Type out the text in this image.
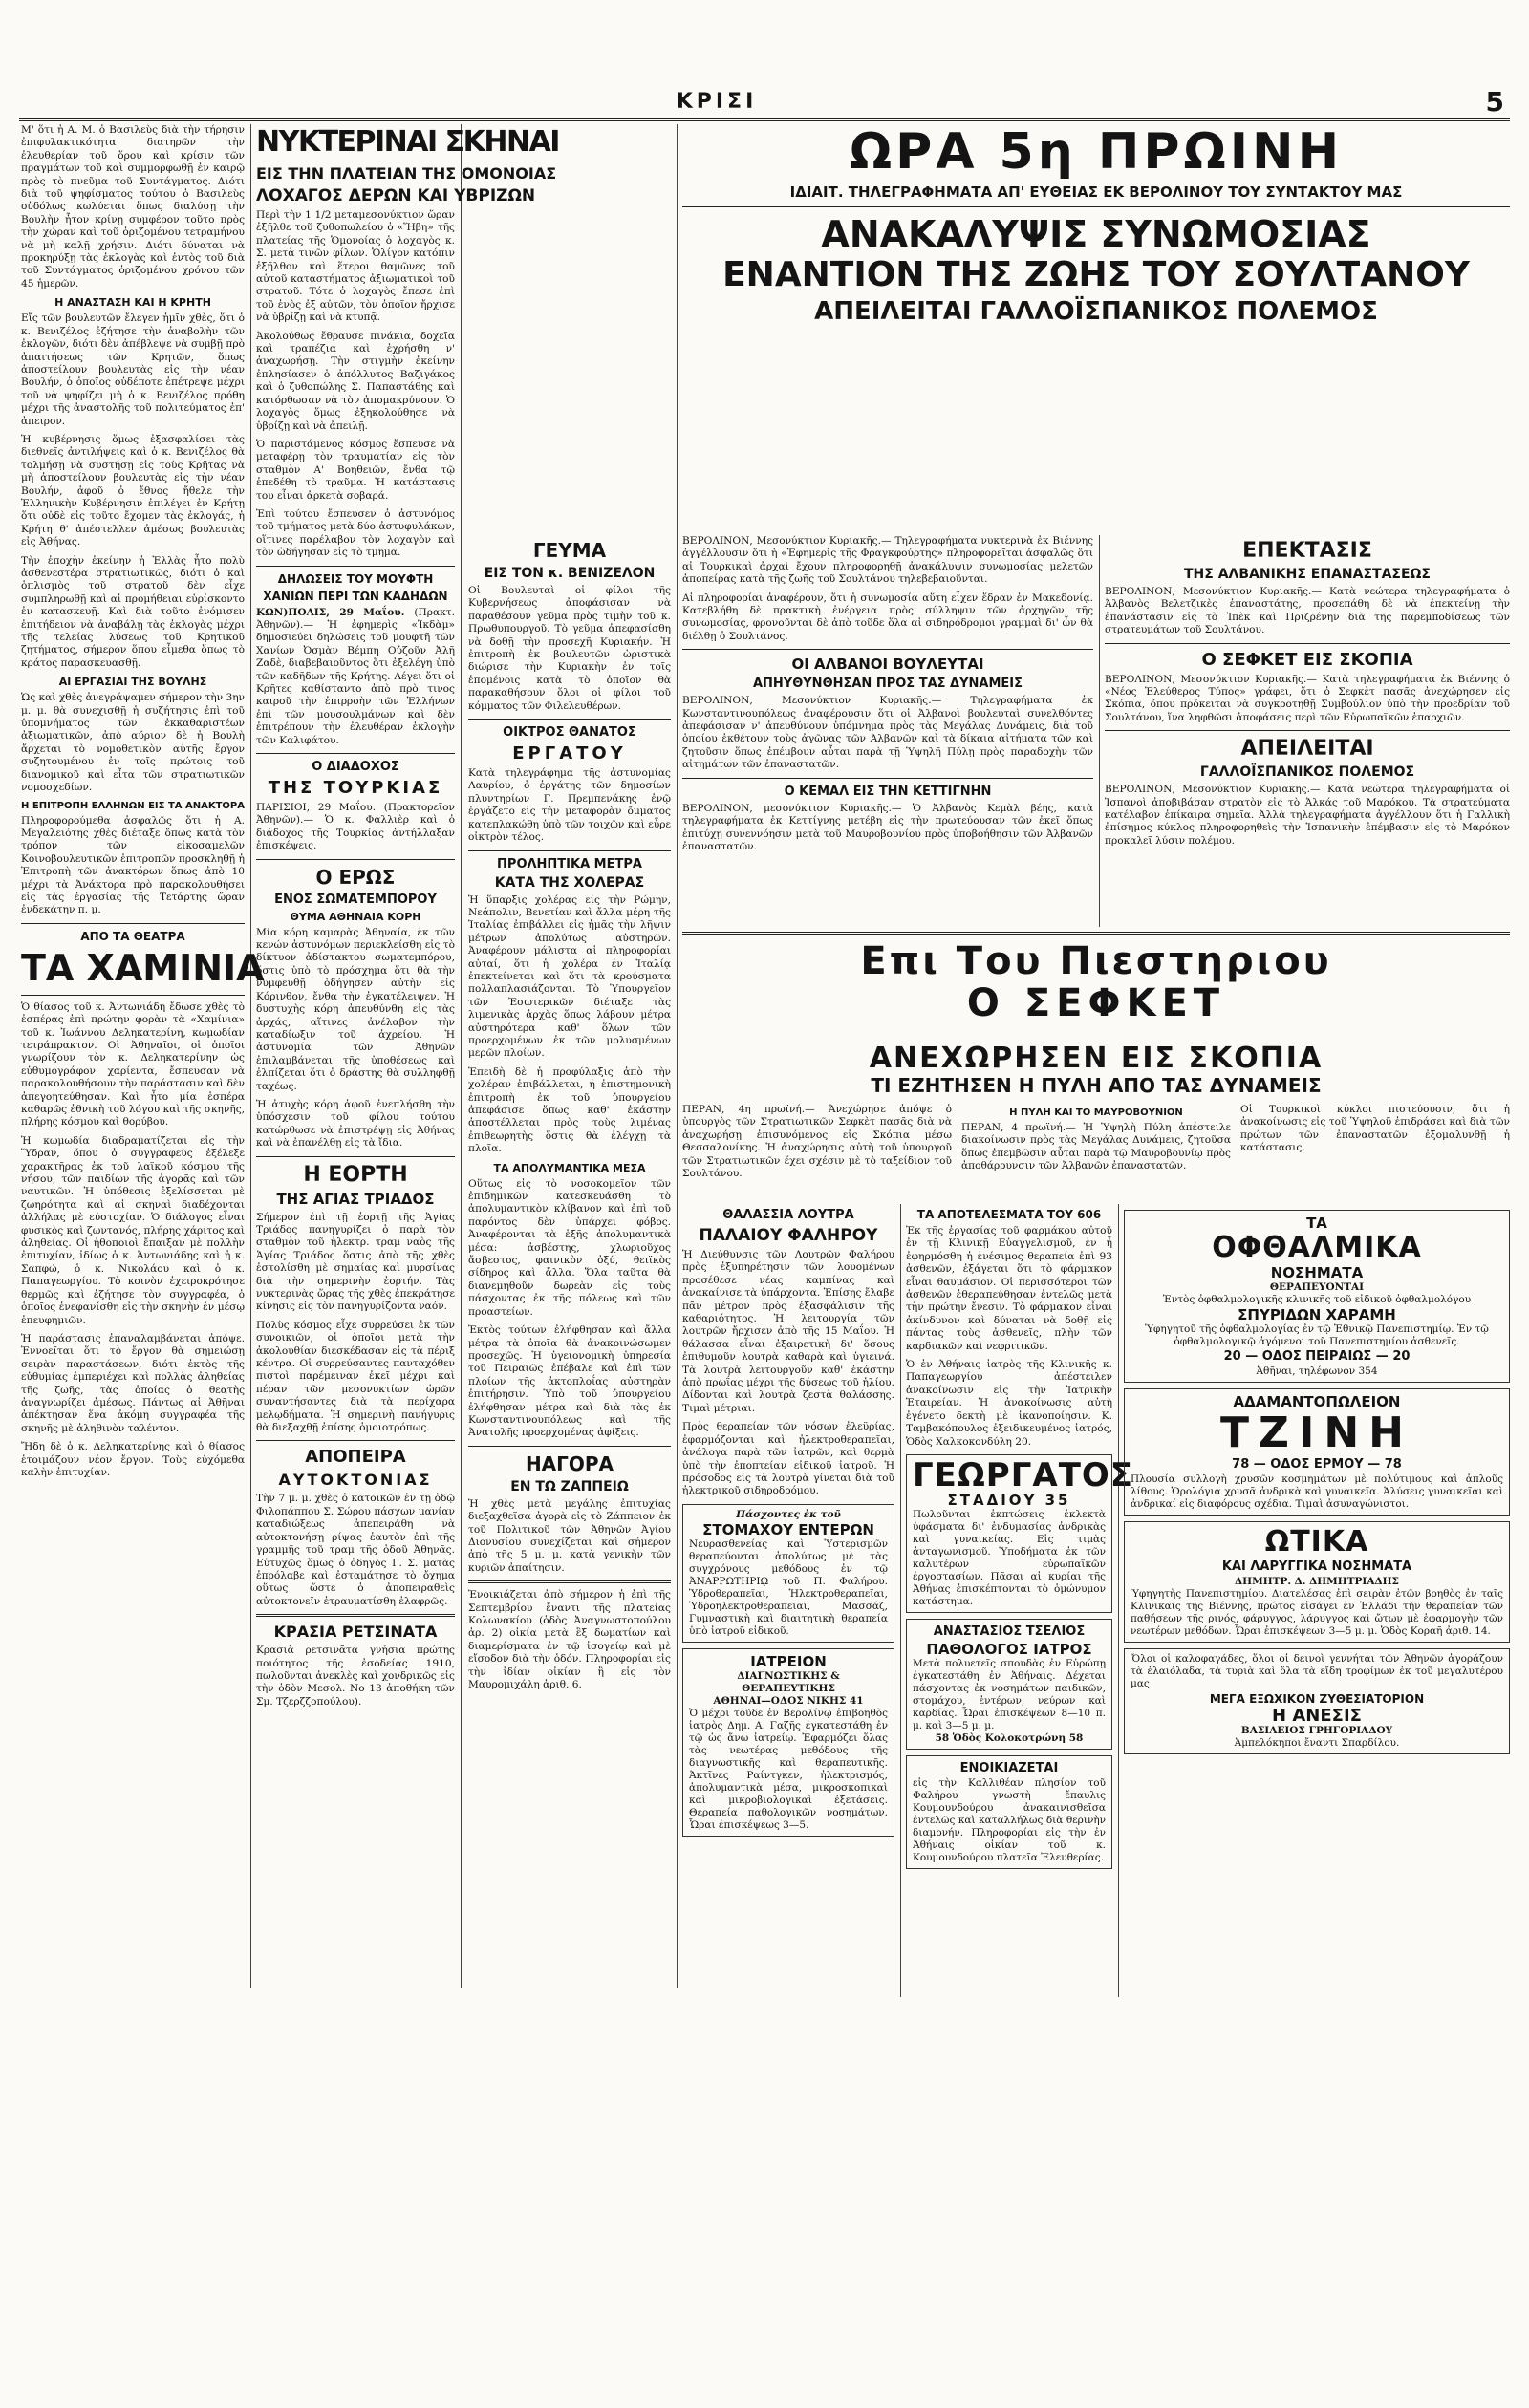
ΚΡΙΣΙ	5

Μ' ὅτι ἡ Α. Μ. ὁ Βασιλεὺς διὰ τὴν τήρησιν ἐπιφυλακτικότητα διατηρῶν τὴν ἐλευθερίαν τοῦ ὅρου καὶ κρίσιν τῶν πραγμάτων τοῦ καὶ συμμορφωθῇ ἐν καιρῷ πρὸς τὸ πνεῦμα τοῦ Συντάγματος. Διότι διὰ τοῦ ψηφίσματος τούτου ὁ Βασιλεὺς οὐδόλως κωλύεται ὅπως διαλύσῃ τὴν Βουλὴν ἦτον κρίνῃ συμφέρον τοῦτο πρὸς τὴν χώραν καὶ τοῦ ὁριζομένου τετραμήνου νὰ μὴ καλῇ χρήσιν. Διότι δύναται νὰ προκηρύξῃ τὰς ἐκλογὰς καὶ ἐντὸς τοῦ διὰ τοῦ Συντάγματος ὁριζομένου χρόνου τῶν 45 ἡμερῶν.

Η ΑΝΑΣΤΑΣΗ ΚΑΙ Η ΚΡΗΤΗ

Εἴς τῶν βουλευτῶν ἔλεγεν ἡμῖν χθὲς, ὅτι ὁ κ. Βενιζέλος ἐζήτησε τὴν ἀναβολὴν τῶν ἐκλογῶν, διότι δὲν ἀπέβλεψε νὰ συμβῇ πρὸ ἀπαιτήσεως τῶν Κρητῶν, ὅπως ἀποστείλουν βουλευτὰς εἰς τὴν νέαν Βουλήν, ὁ ὁποῖος οὐδέποτε ἐπέτρεψε μέχρι τοῦ νὰ ψηφίζει μὴ ὁ κ. Βενιζέλος πρόθη μέχρι τῆς ἀναστολῆς τοῦ πολιτεύματος ἐπ' ἀπειρον.

Ἡ κυβέρνησις ὅμως ἐξασφαλίσει τὰς διεθνεῖς ἀντιλήψεις καὶ ὁ κ. Βενιζέλος θὰ τολμήσῃ νὰ συστήσῃ εἰς τοὺς Κρῆτας νὰ μὴ ἀποστείλουν βουλευτὰς εἰς τὴν νέαν Βουλήν, ἀφοῦ ὁ ἔθνος ἤθελε τὴν Ἑλληνικὴν Κυβέρνησιν ἐπιλέγει ἐν Κρήτῃ ὅτι οὐδὲ εἰς τοῦτο ἔχομεν τὰς ἐκλογάς, ἡ Κρήτη θ' ἀπέστελλεν ἀμέσως βουλευτὰς εἰς Ἀθήνας.

Τὴν ἐποχὴν ἐκείνην ἡ Ἑλλὰς ἦτο πολὺ ἀσθενεστέρα στρατιωτικῶς, διότι ὁ καὶ ὁπλισμὸς τοῦ στρατοῦ δὲν εἶχε συμπληρωθῇ καὶ αἱ προμήθειαι εὑρίσκοντο ἐν κατασκευῇ. Καὶ διὰ τοῦτο ἐνόμισεν ἐπιτήδειον νὰ ἀναβάλῃ τὰς ἐκλογὰς μέχρι τῆς τελείας λύσεως τοῦ Κρητικοῦ ζητήματος, σήμερον ὅπου εἶμεθα ὅπως τὸ κράτος παρασκευασθῇ.

ΑΙ ΕΡΓΑΣΙΑΙ ΤΗΣ ΒΟΥΛΗΣ

Ὡς καὶ χθὲς ἀνεγράψαμεν σήμερον τὴν 3ην μ. μ. θὰ συνεχισθῇ ἡ συζήτησις ἐπὶ τοῦ ὑπομνήματος τῶν ἐκκαθαριστέων ἀξιωματικῶν, ἀπὸ αὔριον δὲ ἡ Βουλὴ ἄρχεται τὸ νομοθετικὸν αὐτῆς ἔργον συζητουμένου ἐν τοῖς πρώτοις τοῦ διανομικοῦ καὶ εἶτα τῶν στρατιωτικῶν νομοσχεδίων.

Η ΕΠΙΤΡΟΠΗ ΕΛΛΗΝΩΝ ΕΙΣ ΤΑ ΑΝΑΚΤΟΡΑ

Πληροφορούμεθα ἀσφαλῶς ὅτι ἡ Α. Μεγαλειότης χθὲς διέταξε ὅπως κατὰ τὸν τρόπον τῶν εἰκοσαμελῶν Κοινοβουλευτικῶν ἐπιτροπῶν προσκληθῇ ἡ Ἐπιτροπὴ τῶν ἀνακτόρων ὅπως ἀπὸ 10 μέχρι τὰ Ἀνάκτορα πρὸ παρακολουθήσει εἰς τὰς ἐργασίας τῆς Τετάρτης ὥραν ἐνδεκάτην π. μ.

ΑΠΟ ΤΑ ΘΕΑΤΡΑ
ΤΑ ΧΑΜΙΝΙΑ

Ὁ θίασος τοῦ κ. Ἀντωνιάδη ἔδωσε χθὲς τὸ ἐσπέρας ἐπὶ πρώτην φορὰν τὰ «Χαμίνια» τοῦ κ. Ἰωάννου Δεληκατερίνη, κωμωδίαν τετράπρακτον. Οἱ Ἀθηναῖοι, οἱ ὁποῖοι γνωρίζουν τὸν κ. Δεληκατερίνην ὡς εὐθυμογράφον χαρίεντα, ἔσπευσαν νὰ παρακολουθήσουν τὴν παράστασιν καὶ δὲν ἀπεγοητεύθησαν. Καὶ ἦτο μία ἑσπέρα καθαρῶς ἐθνικὴ τοῦ λόγου καὶ τῆς σκηνῆς, πλήρης κόσμου καὶ θορύβου.

Ἡ κωμωδία διαδραματίζεται εἰς τὴν Ὕδραν, ὅπου ὁ συγγραφεὺς ἐξέλεξε χαρακτῆρας ἐκ τοῦ λαϊκοῦ κόσμου τῆς νήσου, τῶν παιδίων τῆς ἀγορᾶς καὶ τῶν ναυτικῶν. Ἡ ὑπόθεσις ἐξελίσσεται μὲ ζωηρότητα καὶ αἱ σκηναὶ διαδέχονται ἀλλήλας μὲ εὐστοχίαν. Ὁ διάλογος εἶναι φυσικὸς καὶ ζωντανός, πλήρης χάριτος καὶ ἀληθείας. Οἱ ἠθοποιοὶ ἔπαιξαν μὲ πολλὴν ἐπιτυχίαν, ἰδίως ὁ κ. Ἀντωνιάδης καὶ ἡ κ. Σαπφώ, ὁ κ. Νικολάου καὶ ὁ κ. Παπαγεωργίου. Τὸ κοινὸν ἐχειροκρότησε θερμῶς καὶ ἐζήτησε τὸν συγγραφέα, ὁ ὁποῖος ἐνεφανίσθη εἰς τὴν σκηνὴν ἐν μέσῳ ἐπευφημιῶν.

Ἡ παράστασις ἐπαναλαμβάνεται ἀπόψε. Ἐννοεῖται ὅτι τὸ ἔργον θὰ σημειώσῃ σειρὰν παραστάσεων, διότι ἐκτὸς τῆς εὐθυμίας ἐμπεριέχει καὶ πολλὰς ἀληθείας τῆς ζωῆς, τὰς ὁποίας ὁ θεατὴς ἀναγνωρίζει ἀμέσως. Πάντως αἱ Ἀθῆναι ἀπέκτησαν ἕνα ἀκόμη συγγραφέα τῆς σκηνῆς μὲ ἀληθινὸν ταλέντον.

Ἤδη δὲ ὁ κ. Δεληκατερίνης καὶ ὁ θίασος ἑτοιμάζουν νέον ἔργον. Τοὺς εὐχόμεθα καλὴν ἐπιτυχίαν.

ΝΥΚΤΕΡΙΝΑΙ ΣΚΗΝΑΙ
ΕΙΣ ΤΗΝ ΠΛΑΤΕΙΑΝ ΤΗΣ ΟΜΟΝΟΙΑΣ
ΛΟΧΑΓΟΣ ΔΕΡΩΝ ΚΑΙ ΥΒΡΙΖΩΝ

Περὶ τὴν 1 1/2 μεταμεσονύκτιον ὥραν ἐξῆλθε τοῦ ζυθοπωλείου ὁ «Ἥβη» τῆς πλατείας τῆς Ὁμονοίας ὁ λοχαγὸς κ. Σ. μετὰ τινῶν φίλων. Ὁλίγον κατόπιν ἐξῆλθον καὶ ἕτεροι θαμῶνες τοῦ αὐτοῦ καταστήματος ἀξιωματικοὶ τοῦ στρατοῦ. Τότε ὁ λοχαγὸς ἔπεσε ἐπὶ τοῦ ἑνὸς ἐξ αὐτῶν, τὸν ὁποῖον ἤρχισε νὰ ὑβρίζῃ καὶ νὰ κτυπᾷ.

Ἀκολούθως ἔθραυσε πινάκια, δοχεῖα καὶ τραπέζια καὶ ἐχρήσθη ν' ἀναχωρήσῃ. Τὴν στιγμὴν ἐκείνην ἐπλησίασεν ὁ ἀπόλλυτος Βαζιγάκος καὶ ὁ ζυθοπώλης Σ. Παπαστάθης καὶ κατόρθωσαν νὰ τὸν ἀπομακρύνουν. Ὁ λοχαγὸς ὅμως ἐξηκολούθησε νὰ ὑβρίζῃ καὶ νὰ ἀπειλῇ.

Ὁ παριστάμενος κόσμος ἔσπευσε νὰ μεταφέρῃ τὸν τραυματίαν εἰς τὸν σταθμὸν Α' Βοηθειῶν, ἔνθα τῷ ἐπεδέθη τὸ τραῦμα. Ἡ κατάστασις του εἶναι ἀρκετὰ σοβαρά.

Ἐπὶ τούτου ἔσπευσεν ὁ ἀστυνόμος τοῦ τμήματος μετὰ δύο ἀστυφυλάκων, οἵτινες παρέλαβον τὸν λοχαγὸν καὶ τὸν ὡδήγησαν εἰς τὸ τμῆμα.

ΔΗΛΩΣΕΙΣ ΤΟΥ ΜΟΥΦΤΗ
ΧΑΝΙΩΝ ΠΕΡΙ ΤΩΝ ΚΑΔΗΔΩΝ

ΚΩΝ)ΠΟΛΙΣ, 29 Μαΐου. (Πρακτ. Ἀθηνῶν).— Ἡ ἐφημερὶς «Ἰκδὰμ» δημοσιεύει δηλώσεις τοῦ μουφτῆ τῶν Χανίων Ὀσμὰν Βέμπη Οὐζοῦν Ἀλῆ Ζαδὲ, διαβεβαιοῦντος ὅτι ἐξελέγη ὑπὸ τῶν καδῆδων τῆς Κρήτης. Λέγει ὅτι οἱ Κρῆτες καθίσταντο ἀπὸ πρὸ τινος καιροῦ τὴν ἐπιρροὴν τῶν Ἑλλήνων ἐπὶ τῶν μουσουλμάνων καὶ δὲν ἐπιτρέπουν τὴν ἐλευθέραν ἐκλογὴν τῶν Καλιφάτου.

Ο ΔΙΑΔΟΧΟΣ
ΤΗΣ ΤΟΥΡΚΙΑΣ

ΠΑΡΙΣΙΟΙ, 29 Μαΐου. (Πρακτορεῖον Ἀθηνῶν).— Ὁ κ. Φαλλιὲρ καὶ ὁ διάδοχος τῆς Τουρκίας ἀντήλλαξαν ἐπισκέψεις.

Ο ΕΡΩΣ
ΕΝΟΣ ΣΩΜΑΤΕΜΠΟΡΟΥ
ΘΥΜΑ ΑΘΗΝΑΙΑ ΚΟΡΗ

Μία κόρη καμαρὰς Ἀθηναία, ἐκ τῶν κενών ἀστυνόμων περιεκλείσθη εἰς τὸ δίκτυον ἀδίστακτου σωματεμπόρου, ὅστις ὑπὸ τὸ πρόσχημα ὅτι θὰ τὴν νυμφευθῇ ὁδήγησεν αὐτὴν εἰς Κόρινθον, ἔνθα τὴν ἐγκατέλειψεν. Ἡ δυστυχὴς κόρη ἀπευθύνθη εἰς τὰς ἀρχάς, αἵτινες ἀνέλαβον τὴν καταδίωξιν τοῦ ἀχρείου. Ἡ ἀστυνομία τῶν Ἀθηνῶν ἐπιλαμβάνεται τῆς ὑποθέσεως καὶ ἐλπίζεται ὅτι ὁ δράστης θὰ συλληφθῇ ταχέως.

Ἡ ἀτυχὴς κόρη ἀφοῦ ἐνεπλήσθη τὴν ὑπόσχεσιν τοῦ φίλου τούτου κατώρθωσε νὰ ἐπιστρέψῃ εἰς Ἀθήνας καὶ νὰ ἐπανέλθῃ εἰς τὰ ἴδια.

Η ΕΟΡΤΗ
ΤΗΣ ΑΓΙΑΣ ΤΡΙΑΔΟΣ

Σήμερον ἐπὶ τῇ ἑορτῇ τῆς Ἁγίας Τριάδος πανηγυρίζει ὁ παρὰ τὸν σταθμὸν τοῦ ἠλεκτρ. τραμ ναὸς τῆς Ἁγίας Τριάδος ὅστις ἀπὸ τῆς χθὲς ἐστολίσθη μὲ σημαίας καὶ μυρσίνας διὰ τὴν σημερινὴν ἑορτήν. Τὰς νυκτερινὰς ὥρας τῆς χθὲς ἐπεκράτησε κίνησις εἰς τὸν πανηγυρίζοντα ναόν.

Πολὺς κόσμος εἶχε συρρεύσει ἐκ τῶν συνοικιῶν, οἱ ὁποῖοι μετὰ τὴν ἀκολουθίαν διεσκέδασαν εἰς τὰ πέριξ κέντρα. Οἱ συρρεύσαντες πανταχόθεν πιστοὶ παρέμειναν ἐκεῖ μέχρι καὶ πέραν τῶν μεσονυκτίων ὡρῶν συναντήσαντες διὰ τὰ περίχαρα μελῳδήματα. Ἡ σημερινὴ πανήγυρις θὰ διεξαχθῇ ἐπίσης ὁμοιοτρόπως.

ΑΠΟΠΕΙΡΑ
ΑΥΤΟΚΤΟΝΙΑΣ

Τὴν 7 μ. μ. χθὲς ὁ κατοικῶν ἐν τῇ ὁδῷ Φιλοπάππου Σ. Σώρου πάσχων μανίαν καταδιώξεως ἀπεπειράθη νὰ αὐτοκτονήσῃ ρίψας ἑαυτὸν ἐπὶ τῆς γραμμῆς τοῦ τραμ τῆς ὁδοῦ Ἀθηνᾶς. Εὐτυχῶς ὅμως ὁ ὁδηγὸς Γ. Σ. ματὰς ἐπρόλαβε καὶ ἐσταμάτησε τὸ ὄχημα οὕτως ὥστε ὁ ἀποπειραθεὶς αὐτοκτονεῖν ἐτραυματίσθη ἐλαφρῶς.

ΚΡΑΣΙΑ ΡΕΤΣΙΝΑΤΑ

Κρασιὰ ρετσινᾶτα γνήσια πρώτης ποιότητος τῆς ἐσοδείας 1910, πωλοῦνται ἀνεκλὲς καὶ χονδρικῶς εἰς τὴν ὁδὸν Μεσολ. Νο 13 ἀποθήκη τῶν Σμ. Τζερζζοπούλου).

ΓΕΥΜΑ
ΕΙΣ ΤΟΝ κ. ΒΕΝΙΖΕΛΟΝ

Οἱ Βουλευταὶ οἱ φίλοι τῆς Κυβερνήσεως ἀποφάσισαν νὰ παραθέσουν γεῦμα πρὸς τιμὴν τοῦ κ. Πρωθυπουργοῦ. Τὸ γεῦμα ἀπεφασίσθη νὰ δοθῇ τὴν προσεχῆ Κυριακήν. Ἡ ἐπιτροπὴ ἐκ βουλευτῶν ὡριστικὰ διώρισε τὴν Κυριακὴν ἐν τοῖς ἑπομένοις κατὰ τὸ ὁποῖον θὰ παρακαθήσουν ὅλοι οἱ φίλοι τοῦ κόμματος τῶν Φιλελευθέρων.

ΟΙΚΤΡΟΣ ΘΑΝΑΤΟΣ
ΕΡΓΑΤΟΥ

Κατὰ τηλεγράφημα τῆς ἀστυνομίας Λαυρίου, ὁ ἐργάτης τῶν δημοσίων πλυντηρίων Γ. Πρεμπενάκης ἐνῷ ἐργάζετο εἰς τὴν μεταφορὰν ὄμματος κατεπλακώθη ὑπὸ τῶν τοιχῶν καὶ εὗρε οἰκτρὸν τέλος.

ΠΡΟΛΗΠΤΙΚΑ ΜΕΤΡΑ
ΚΑΤΑ ΤΗΣ ΧΟΛΕΡΑΣ

Ἡ ὕπαρξις χολέρας εἰς τὴν Ρώμην, Νεάπολιν, Βενετίαν καὶ ἄλλα μέρη τῆς Ἰταλίας ἐπιβάλλει εἰς ἡμᾶς τὴν λῆψιν μέτρων ἀπολύτως αὐστηρῶν. Ἀναφέρουν μάλιστα αἱ πληροφορίαι αὐταί, ὅτι ἡ χολέρα ἐν Ἰταλίᾳ ἐπεκτείνεται καὶ ὅτι τὰ κρούσματα πολλαπλασιάζονται. Τὸ Ὑπουργεῖον τῶν Ἐσωτερικῶν διέταξε τὰς λιμενικὰς ἀρχὰς ὅπως λάβουν μέτρα αὐστηρότερα καθ' ὅλων τῶν προερχομένων ἐκ τῶν μολυσμένων μερῶν πλοίων.

Ἐπειδὴ δὲ ἡ προφύλαξις ἀπὸ τὴν χολέραν ἐπιβάλλεται, ἡ ἐπιστημονικὴ ἐπιτροπὴ ἐκ τοῦ ὑπουργείου ἀπεφάσισε ὅπως καθ' ἑκάστην ἀποστέλλεται πρὸς τοὺς λιμένας ἐπιθεωρητὴς ὅστις θὰ ἐλέγχῃ τὰ πλοῖα.

ΤΑ ΑΠΟΛΥΜΑΝΤΙΚΑ ΜΕΣΑ

Οὕτως εἰς τὸ νοσοκομεῖον τῶν ἐπιδημικῶν κατεσκευάσθη τὸ ἀπολυμαντικὸν κλίβανον καὶ ἐπὶ τοῦ παρόντος δὲν ὑπάρχει φόβος. Ἀναφέρονται τὰ ἑξῆς ἀπολυμαντικὰ μέσα: ἀσβέστης, χλωριοῦχος ἄσβεστος, φαινικὸν ὀξύ, θειϊκὸς σίδηρος καὶ ἄλλα. Ὅλα ταῦτα θὰ διανεμηθοῦν δωρεὰν εἰς τοὺς πάσχοντας ἐκ τῆς πόλεως καὶ τῶν προαστείων.

Ἐκτὸς τούτων ἐλήφθησαν καὶ ἄλλα μέτρα τὰ ὁποῖα θὰ ἀνακοινώσωμεν προσεχῶς. Ἡ ὑγειονομικὴ ὑπηρεσία τοῦ Πειραιῶς ἐπέβαλε καὶ ἐπὶ τῶν πλοίων τῆς ἀκτοπλοΐας αὐστηρὰν ἐπιτήρησιν. Ὑπὸ τοῦ ὑπουργείου ἐλήφθησαν μέτρα καὶ διὰ τὰς ἐκ Κωνσταντινουπόλεως καὶ τῆς Ἀνατολῆς προερχομένας ἀφίξεις.

ΗΑΓΟΡΑ
ΕΝ ΤΩ ΖΑΠΠΕΙΩ

Ἡ χθὲς μετὰ μεγάλης ἐπιτυχίας διεξαχθεῖσα ἀγορὰ εἰς τὸ Ζάππειον ἐκ τοῦ Πολιτικοῦ τῶν Ἀθηνῶν Ἀγίου Διονυσίου συνεχίζεται καὶ σήμερον ἀπὸ τῆς 5 μ. μ. κατὰ γενικὴν τῶν κυριῶν ἀπαίτησιν.

Ἐνοικιάζεται ἀπὸ σήμερον ἡ ἐπὶ τῆς Σεπτεμβρίου ἔναντι τῆς πλατείας Κολωνακίου (ὁδὸς Ἀναγνωστοπούλου ἀρ. 2) οἰκία μετὰ ἓξ δωματίων καὶ διαμερίσματα ἐν τῷ ἰσογείῳ καὶ μὲ εἴσοδον διὰ τὴν ὁδόν. Πληροφορίαι εἰς τὴν ἰδίαν οἰκίαν ἢ εἰς τὸν Μαυρομιχάλη ἀριθ. 6.

ΩΡΑ 5η ΠΡΩΙΝΗ
ΙΔΙΑΙΤ. ΤΗΛΕΓΡΑΦΗΜΑΤΑ ΑΠ' ΕΥΘΕΙΑΣ ΕΚ ΒΕΡΟΛΙΝΟΥ ΤΟΥ ΣΥΝΤΑΚΤΟΥ ΜΑΣ
ΑΝΑΚΑΛΥΨΙΣ ΣΥΝΩΜΟΣΙΑΣ
ΕΝΑΝΤΙΟΝ ΤΗΣ ΖΩΗΣ ΤΟΥ ΣΟΥΛΤΑΝΟΥ
ΑΠΕΙΛΕΙΤΑΙ ΓΑΛΛΟΪΣΠΑΝΙΚΟΣ ΠΟΛΕΜΟΣ

ΒΕΡΟΛΙΝΟΝ, Μεσονύκτιον Κυριακῆς.— Τηλεγραφήματα νυκτερινὰ ἐκ Βιέννης ἀγγέλλουσιν ὅτι ἡ «Ἐφημερὶς τῆς Φραγκφούρτης» πληροφορεῖται ἀσφαλῶς ὅτι αἱ Τουρκικαὶ ἀρχαὶ ἔχουν πληροφορηθῇ ἀνακάλυψιν συνωμοσίας μελετῶν ἀποπείρας κατὰ τῆς ζωῆς τοῦ Σουλτάνου τηλεβεβαιοῦνται.

Αἱ πληροφορίαι ἀναφέρουν, ὅτι ἡ συνωμοσία αὕτη εἶχεν ἕδραν ἐν Μακεδονίᾳ. Κατεβλήθη δὲ πρακτικὴ ἐνέργεια πρὸς σύλληψιν τῶν ἀρχηγῶν τῆς συνωμοσίας, φρονοῦνται δὲ ἀπὸ τοῦδε ὅλα αἱ σιδηρόδρομοι γραμμαὶ δι' ὧν θὰ διέλθῃ ὁ Σουλτάνος.

ΟΙ ΑΛΒΑΝΟΙ ΒΟΥΛΕΥΤΑΙ
ΑΠΗΥΘΥΝΘΗΣΑΝ ΠΡΟΣ ΤΑΣ ΔΥΝΑΜΕΙΣ

ΒΕΡΟΛΙΝΟΝ, Μεσονύκτιον Κυριακῆς.— Τηλεγραφήματα ἐκ Κωνσταντινουπόλεως ἀναφέρουσιν ὅτι οἱ Ἀλβανοὶ βουλευταὶ συνελθόντες ἀπεφάσισαν ν' ἀπευθύνουν ὑπόμνημα πρὸς τὰς Μεγάλας Δυνάμεις, διὰ τοῦ ὁποίου ἐκθέτουν τοὺς ἀγῶνας τῶν Ἀλβανῶν καὶ τὰ δίκαια αἰτήματα τῶν καὶ ζητοῦσιν ὅπως ἐπέμβουν αὗται παρὰ τῇ Ὑψηλῇ Πύλῃ πρὸς παραδοχὴν τῶν αἰτημάτων τῶν ἐπαναστατῶν.

Ο ΚΕΜΑΛ ΕΙΣ ΤΗΝ ΚΕΤΤΙΓΝΗΝ

ΒΕΡΟΛΙΝΟΝ, μεσονύκτιον Κυριακῆς.— Ὁ Ἀλβανὸς Κεμὰλ βέης, κατὰ τηλεγραφήματα ἐκ Κεττίγνης μετέβη εἰς τὴν πρωτεύουσαν τῶν ἐκεῖ ὅπως ἐπιτύχῃ συνεννόησιν μετὰ τοῦ Μαυροβουνίου πρὸς ὑποβοήθησιν τῶν Ἀλβανῶν ἐπαναστατῶν.

ΕΠΕΚΤΑΣΙΣ
ΤΗΣ ΑΛΒΑΝΙΚΗΣ ΕΠΑΝΑΣΤΑΣΕΩΣ

ΒΕΡΟΛΙΝΟΝ, Μεσονύκτιον Κυριακῆς.— Κατὰ νεώτερα τηλεγραφήματα ὁ Ἀλβανὸς Βελετζικὲς ἐπαναστάτης, προσεπάθη δὲ νὰ ἐπεκτείνῃ τὴν ἐπανάστασιν εἰς τὸ Ἰπὲκ καὶ Πριζρένην διὰ τῆς παρεμποδίσεως τῶν στρατευμάτων τοῦ Σουλτάνου.

Ο ΣΕΦΚΕΤ ΕΙΣ ΣΚΟΠΙΑ

ΒΕΡΟΛΙΝΟΝ, Μεσονύκτιον Κυριακῆς.— Κατὰ τηλεγραφήματα ἐκ Βιέννης ὁ «Νέος Ἐλεύθερος Τύπος» γράφει, ὅτι ὁ Σεφκὲτ πασᾶς ἀνεχώρησεν εἰς Σκόπια, ὅπου πρόκειται νὰ συγκροτηθῇ Συμβούλιον ὑπὸ τὴν προεδρίαν τοῦ Σουλτάνου, ἵνα ληφθῶσι ἀποφάσεις περὶ τῶν Εὐρωπαϊκῶν ἐπαρχιῶν.

ΑΠΕΙΛΕΙΤΑΙ
ΓΑΛΛΟΪΣΠΑΝΙΚΟΣ ΠΟΛΕΜΟΣ

ΒΕΡΟΛΙΝΟΝ, Μεσονύκτιον Κυριακῆς.— Κατὰ νεώτερα τηλεγραφήματα οἱ Ἱσπανοὶ ἀποβιβάσαν στρατὸν εἰς τὸ Ἀλκάς τοῦ Μαρόκου. Τὰ στρατεύματα κατέλαβον ἐπίκαιρα σημεῖα. Ἀλλὰ τηλεγραφήματα ἀγγέλλουν ὅτι ἡ Γαλλικὴ ἐπίσημος κύκλος πληροφορηθεὶς τὴν Ἱσπανικὴν ἐπέμβασιν εἰς τὸ Μαρόκον προκαλεῖ λύσιν πολέμου.

Επι Του Πιεστηριου
Ο ΣΕΦΚΕΤ
ΑΝΕΧΩΡΗΣΕΝ ΕΙΣ ΣΚΟΠΙΑ
ΤΙ ΕΖΗΤΗΣΕΝ Η ΠΥΛΗ ΑΠΟ ΤΑΣ ΔΥΝΑΜΕΙΣ

ΠΕΡΑΝ, 4η πρωϊνή.— Ἀνεχώρησε ἀπόψε ὁ ὑπουργὸς τῶν Στρατιωτικῶν Σεφκὲτ πασᾶς διὰ νὰ ἀναχωρήσῃ ἐπισυνόμενος εἰς Σκόπια μέσω Θεσσαλονίκης. Ἡ ἀναχώρησις αὐτὴ τοῦ ὑπουργοῦ τῶν Στρατιωτικῶν ἔχει σχέσιν μὲ τὸ ταξείδιον τοῦ Σουλτάνου.

Η ΠΥΛΗ ΚΑΙ ΤΟ ΜΑΥΡΟΒΟΥΝΙΟΝ

ΠΕΡΑΝ, 4 πρωϊνή.— Ἡ Ὑψηλὴ Πύλη ἀπέστειλε διακοίνωσιν πρὸς τὰς Μεγάλας Δυνάμεις, ζητοῦσα ὅπως ἐπεμβῶσιν αὗται παρὰ τῷ Μαυροβουνίῳ πρὸς ἀποθάρρυνσιν τῶν Ἀλβανῶν ἐπαναστατῶν.

Οἱ Τουρκικοὶ κύκλοι πιστεύουσιν, ὅτι ἡ ἀνακοίνωσις εἰς τοῦ Ὑψηλοῦ ἐπιδράσει καὶ διὰ τῶν πρώτων τῶν ἐπαναστατῶν ἐξομαλυνθῇ ἡ κατάστασις.

ΘΑΛΑΣΣΙΑ ΛΟΥΤΡΑ
ΠΑΛΑΙΟΥ ΦΑΛΗΡΟΥ

Ἡ Διεύθυνσις τῶν Λουτρῶν Φαλήρου πρὸς ἐξυπηρέτησιν τῶν λουομένων προσέθεσε νέας καμπίνας καὶ ἀνακαίνισε τὰ ὑπάρχοντα. Ἐπίσης ἔλαβε πᾶν μέτρον πρὸς ἐξασφάλισιν τῆς καθαριότητος. Ἡ λειτουργία τῶν λουτρῶν ἤρχισεν ἀπὸ τῆς 15 Μαΐου. Ἡ θάλασσα εἶναι ἐξαιρετικὴ δι' ὅσους ἐπιθυμοῦν λουτρὰ καθαρὰ καὶ ὑγιεινά. Τὰ λουτρὰ λειτουργοῦν καθ' ἑκάστην ἀπὸ πρωΐας μέχρι τῆς δύσεως τοῦ ἡλίου. Δίδονται καὶ λουτρὰ ζεστὰ θαλάσσης. Τιμαὶ μέτριαι.

Πρὸς θεραπείαν τῶν νόσων ἐλεϋρίας, ἐφαρμόζονται καὶ ἠλεκτροθεραπεῖαι, ἀνάλογα παρὰ τῶν ἰατρῶν, καὶ θερμὰ ὑπὸ τὴν ἐποπτείαν εἰδικοῦ ἰατροῦ. Ἡ πρόσοδος εἰς τὰ λουτρὰ γίνεται διὰ τοῦ ἠλεκτρικοῦ σιδηροδρόμου.

Πάσχοντες ἐκ τοῦ
ΣΤΟΜΑΧΟΥ ΕΝΤΕΡΩΝ
Νευρασθενείας καὶ Ὑστερισμῶν θεραπεύονται ἀπολύτως μὲ τὰς συγχρόνους μεθόδους ἐν τῷ ἈΝΑΡΡΩΤΗΡΙῼ τοῦ Π. Φαλήρου. Ὑδροθεραπεῖαι, Ἠλεκτροθεραπεῖαι, Ὑδροηλεκτροθεραπεῖαι, Μασσάζ, Γυμναστικὴ καὶ διαιτητικὴ θεραπεία ὑπὸ ἰατροῦ εἰδικοῦ.
ΙΑΤΡΕΙΟΝ
ΔΙΑΓΝΩΣΤΙΚΗΣ & ΘΕΡΑΠΕΥΤΙΚΗΣ
ΑΘΗΝΑΙ—ΟΔΟΣ ΝΙΚΗΣ 41
Ὁ μέχρι τοῦδε ἐν Βερολίνῳ ἐπιβοηθὸς ἰατρὸς Δημ. Α. Γαζῆς ἐγκατεστάθη ἐν τῷ ὡς ἄνω ἰατρείῳ. Ἐφαρμόζει ὅλας τὰς νεωτέρας μεθόδους τῆς διαγνωστικῆς καὶ θεραπευτικῆς. Ἀκτῖνες Ραίντγκεν, ἠλεκτρισμός, ἀπολυμαντικὰ μέσα, μικροσκοπικαὶ καὶ μικροβιολογικαὶ ἐξετάσεις. Θεραπεία παθολογικῶν νοσημάτων. Ὧραι ἐπισκέψεως 3—5.
ΤΑ ΑΠΟΤΕΛΕΣΜΑΤΑ ΤΟΥ 606

Ἐκ τῆς ἐργασίας τοῦ φαρμάκου αὐτοῦ ἐν τῇ Κλινικῇ Εὐαγγελισμοῦ, ἐν ἧ ἐφηρμόσθη ἡ ἐνέσιμος θεραπεία ἐπὶ 93 ἀσθενῶν, ἐξάγεται ὅτι τὸ φάρμακον εἶναι θαυμάσιον. Οἱ περισσότεροι τῶν ἀσθενῶν ἐθεραπεύθησαν ἐντελῶς μετὰ τὴν πρώτην ἔνεσιν. Τὸ φάρμακον εἶναι ἀκίνδυνον καὶ δύναται νὰ δοθῇ εἰς πάντας τοὺς ἀσθενεῖς, πλὴν τῶν καρδιακῶν καὶ νεφριτικῶν.

Ὁ ἐν Ἀθήναις ἰατρὸς τῆς Κλινικῆς κ. Παπαγεωργίου ἀπέστειλεν ἀνακοίνωσιν εἰς τὴν Ἰατρικὴν Ἑταιρείαν. Ἡ ἀνακοίνωσις αὐτὴ ἐγένετο δεκτὴ μὲ ἱκανοποίησιν. Κ. Ταμβακόπουλος ἐξειδικευμένος ἰατρός, Ὁδὸς Χαλκοκονδύλη 20.

ΓΕΩΡΓΑΤΟΣ
ΣΤΑΔΙΟΥ 35
Πωλοῦνται ἐκπτώσεις ἐκλεκτὰ ὑφάσματα δι' ἐνδυμασίας ἀνδρικὰς καὶ γυναικείας. Εἰς τιμὰς ἀνταγωνισμοῦ. Ὑποδήματα ἐκ τῶν καλυτέρων εὐρωπαϊκῶν ἐργοστασίων. Πᾶσαι αἱ κυρίαι τῆς Ἀθήνας ἐπισκέπτονται τὸ ὁμώνυμον κατάστημα.
ΑΝΑΣΤΑΣΙΟΣ ΤΣΕΛΙΟΣ
ΠΑΘΟΛΟΓΟΣ ΙΑΤΡΟΣ
Μετὰ πολυετεῖς σπουδὰς ἐν Εὐρώπῃ ἐγκατεστάθη ἐν Ἀθήναις. Δέχεται πάσχοντας ἐκ νοσημάτων παιδικῶν, στομάχου, ἐντέρων, νεύρων καὶ καρδίας. Ὧραι ἐπισκέψεων 8—10 π. μ. καὶ 3—5 μ. μ.
58 Ὁδὸς Κολοκοτρώνη 58
ΕΝΟΙΚΙΑΖΕΤΑΙ
εἰς τὴν Καλλιθέαν πλησίον τοῦ Φαλήρου γνωστὴ ἔπαυλις Κουμουνδούρου ἀνακαινισθεῖσα ἐντελῶς καὶ καταλλήλως διὰ θερινὴν διαμονήν. Πληροφορίαι εἰς τὴν ἐν Ἀθήναις οἰκίαν τοῦ κ. Κουμουνδούρου πλατεῖα Ἐλευθερίας.
ΤΑ
ΟΦΘΑΛΜΙΚΑ
ΝΟΣΗΜΑΤΑ
ΘΕΡΑΠΕΥΟΝΤΑΙ
Ἐντὸς ὀφθαλμολογικῆς κλινικῆς τοῦ εἰδικοῦ ὀφθαλμολόγου
ΣΠΥΡΙΔΩΝ ΧΑΡΑΜΗ
Ὑφηγητοῦ τῆς ὀφθαλμολογίας ἐν τῷ Ἐθνικῷ Πανεπιστημίῳ. Ἐν τῷ ὀφθαλμολογικῷ ἀγόμενοι τοῦ Πανεπιστημίου ἀσθενεῖς.
20 — ΟΔΟΣ ΠΕΙΡΑΙΩΣ — 20
Ἀθῆναι, τηλέφωνον 354
ΑΔΑΜΑΝΤΟΠΩΛΕΙΟΝ
ΤΖΙΝΗ
78 — ΟΔΟΣ ΕΡΜΟΥ — 78
Πλουσία συλλογὴ χρυσῶν κοσμημάτων μὲ πολύτιμους καὶ ἀπλοῦς λίθους. Ὡρολόγια χρυσᾶ ἀνδρικὰ καὶ γυναικεῖα. Ἁλύσεις γυναικεῖαι καὶ ἀνδρικαί εἰς διαφόρους σχέδια. Τιμαὶ ἀσυναγώνιστοι.
ΩΤΙΚΑ
ΚΑΙ ΛΑΡΥΓΓΙΚΑ ΝΟΣΗΜΑΤΑ
ΔΗΜΗΤΡ. Δ. ΔΗΜΗΤΡΙΑΔΗΣ
Ὑφηγητὴς Πανεπιστημίου. Διατελέσας ἐπὶ σειρὰν ἐτῶν βοηθὸς ἐν ταῖς Κλινικαῖς τῆς Βιέννης, πρώτος εἰσάγει ἐν Ἑλλάδι τὴν θεραπείαν τῶν παθήσεων τῆς ρινός, φάρυγγος, λάρυγγος καὶ ὤτων μὲ ἐφαρμογὴν τῶν νεωτέρων μεθόδων. Ὧραι ἐπισκέψεων 3—5 μ. μ. Ὁδὸς Κοραῆ ἀριθ. 14.
Ὅλοι οἱ καλοφαγάδες, ὅλοι οἱ δεινοὶ γεννήται τῶν Ἀθηνῶν ἀγοράζουν τὰ ἐλαιόλαδα, τὰ τυριὰ καὶ ὅλα τὰ εἴδη τροφίμων ἐκ τοῦ μεγαλυτέρου μας
ΜΕΓΑ ΕΞΩΧΙΚΟΝ ΖΥΘΕΣΙΑΤΟΡΙΟΝ
Η ΑΝΕΣΙΣ
ΒΑΣΙΛΕΙΟΣ ΓΡΗΓΟΡΙΑΔΟΥ
Ἀμπελόκηποι ἔναντι Σπαρδίλου.
